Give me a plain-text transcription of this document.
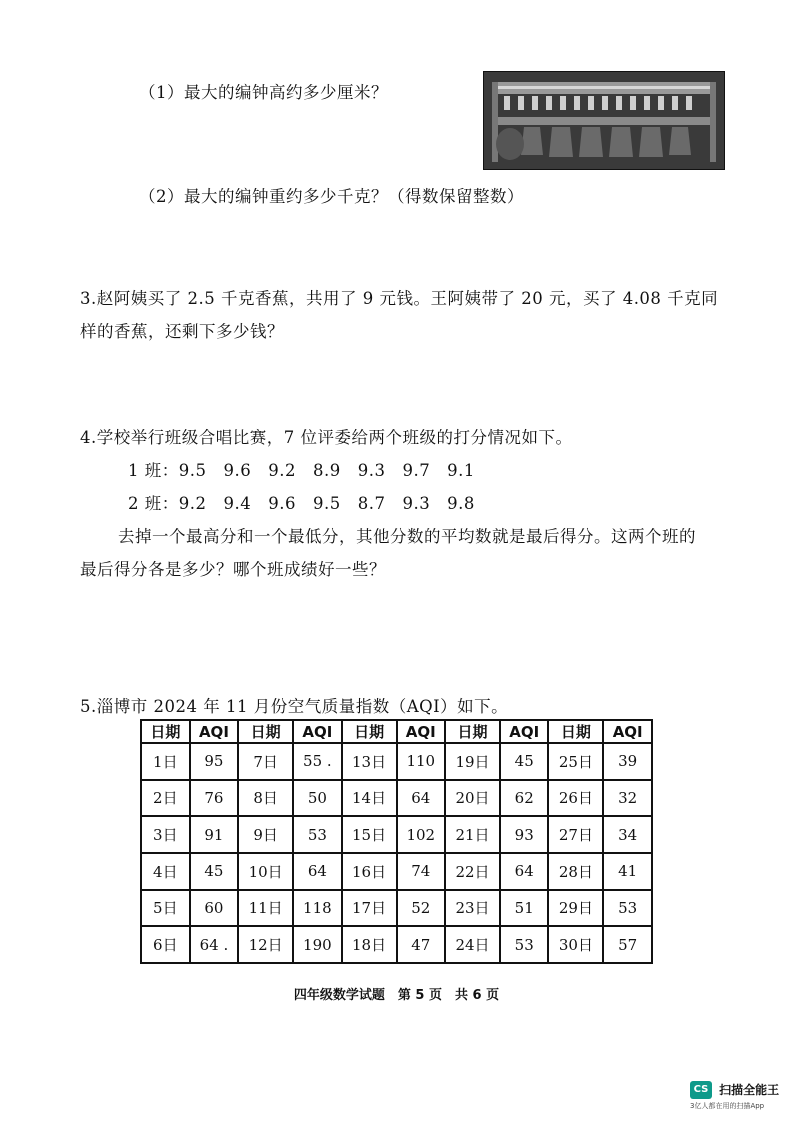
（1）最大的编钟高约多少厘米？
（2）最大的编钟重约多少千克？（得数保留整数）
3.赵阿姨买了 2.5 千克香蕉，共用了 9 元钱。王阿姨带了 20 元，买了 4.08 千克同
样的香蕉，还剩下多少钱？
4.学校举行班级合唱比赛，7 位评委给两个班级的打分情况如下。
1 班：9.5　9.6　9.2　8.9　9.3　9.7　9.1
2 班：9.2　9.4　9.6　9.5　8.7　9.3　9.8
去掉一个最高分和一个最低分，其他分数的平均数就是最后得分。这两个班的
最后得分各是多少？哪个班成绩好一些？
5.淄博市 2024 年 11 月份空气质量指数（AQI）如下。
日期	AQI	日期	AQI	日期	AQI	日期	AQI	日期	AQI
1日	95	7日	55 .	13日	110	19日	45	25日	39
2日	76	8日	50	14日	64	20日	62	26日	32
3日	91	9日	53	15日	102	21日	93	27日	34
4日	45	10日	64	16日	74	22日	64	28日	41
5日	60	11日	118	17日	52	23日	51	29日	53
6日	64 .	12日	190	18日	47	24日	53	30日	57
四年级数学试题　第 5 页　共 6 页
CS 扫描全能王
3亿人都在用的扫描App
